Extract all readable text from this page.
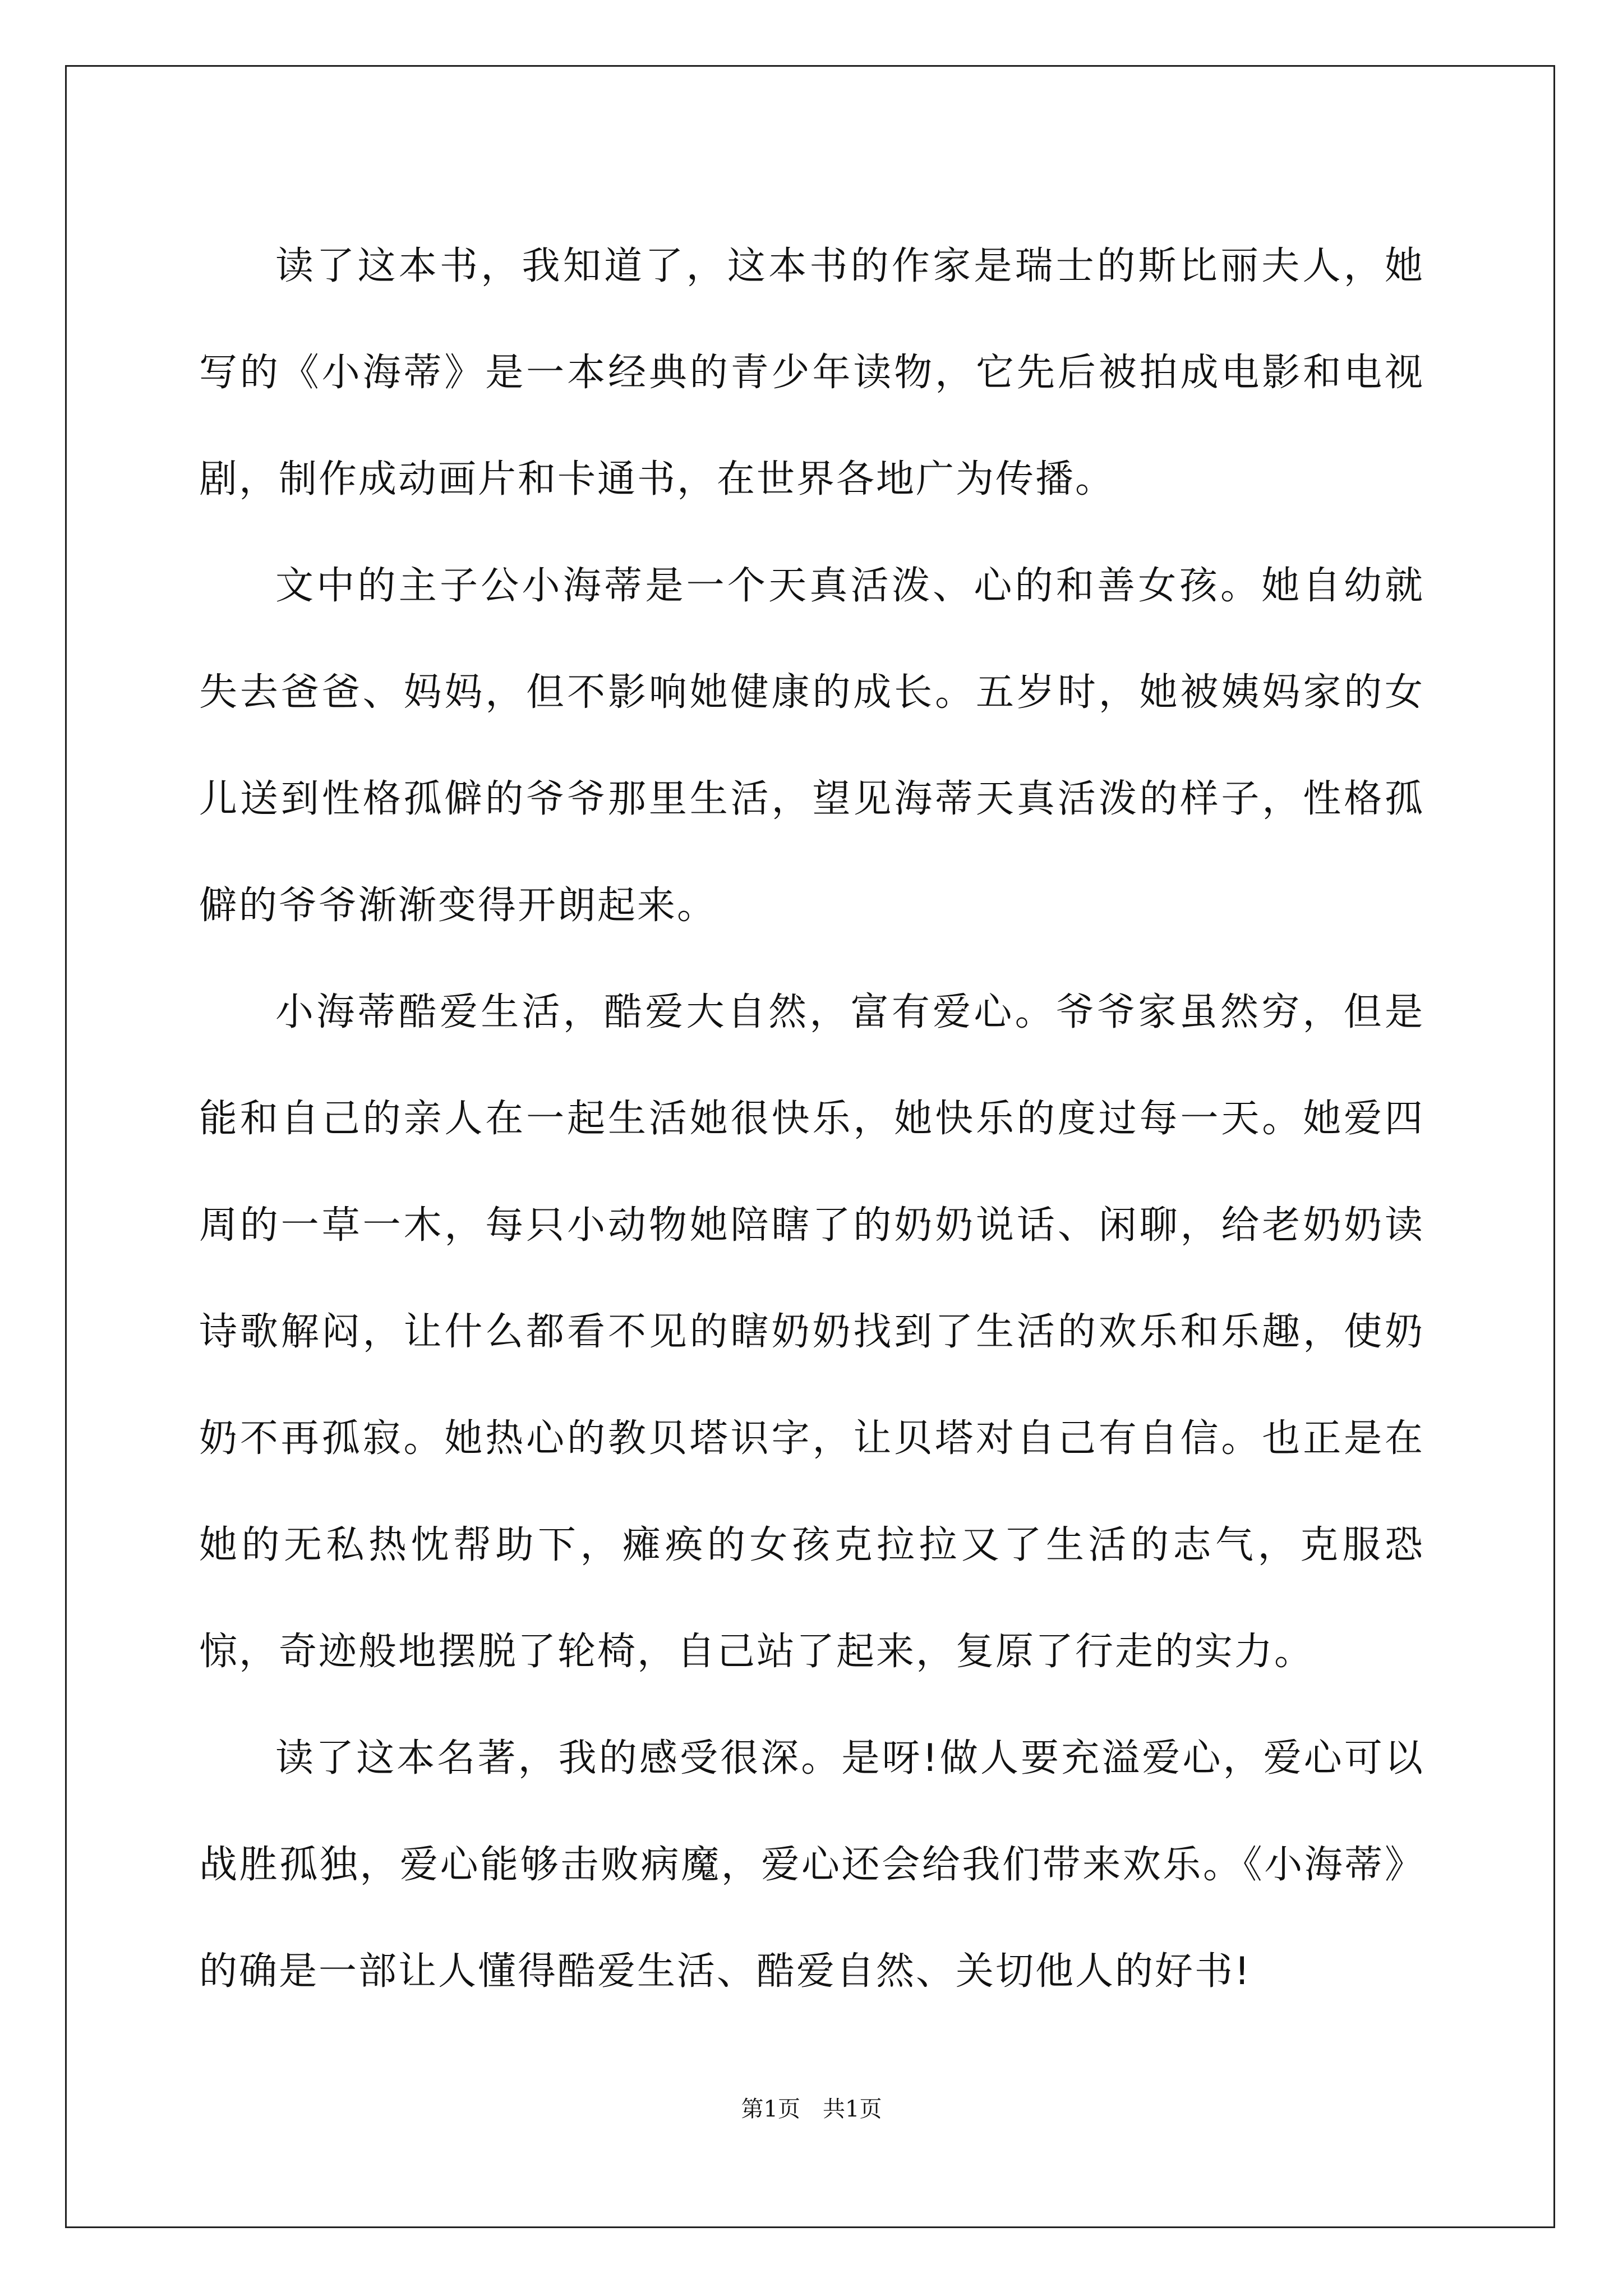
读了这本书，我知道了，这本书的作家是瑞士的斯比丽夫人，她写的《小海蒂》是一本经典的青少年读物，它先后被拍成电影和电视剧，制作成动画片和卡通书，在世界各地广为传播。

文中的主子公小海蒂是一个天真活泼、心的和善女孩。她自幼就失去爸爸、妈妈，但不影响她健康的成长。五岁时，她被姨妈家的女儿送到性格孤僻的爷爷那里生活，望见海蒂天真活泼的样子，性格孤僻的爷爷渐渐变得开朗起来。

小海蒂酷爱生活，酷爱大自然，富有爱心。爷爷家虽然穷，但是能和自己的亲人在一起生活她很快乐，她快乐的度过每一天。她爱四周的一草一木，每只小动物她陪瞎了的奶奶说话、闲聊，给老奶奶读诗歌解闷，让什么都看不见的瞎奶奶找到了生活的欢乐和乐趣，使奶奶不再孤寂。她热心的教贝塔识字，让贝塔对自己有自信。也正是在她的无私热忱帮助下，瘫痪的女孩克拉拉又了生活的志气，克服恐惊，奇迹般地摆脱了轮椅，自己站了起来，复原了行走的实力。

读了这本名著，我的感受很深。是呀!做人要充溢爱心，爱心可以战胜孤独，爱心能够击败病魔，爱心还会给我们带来欢乐。《小海蒂》的确是一部让人懂得酷爱生活、酷爱自然、关切他人的好书!

第1页　共1页
